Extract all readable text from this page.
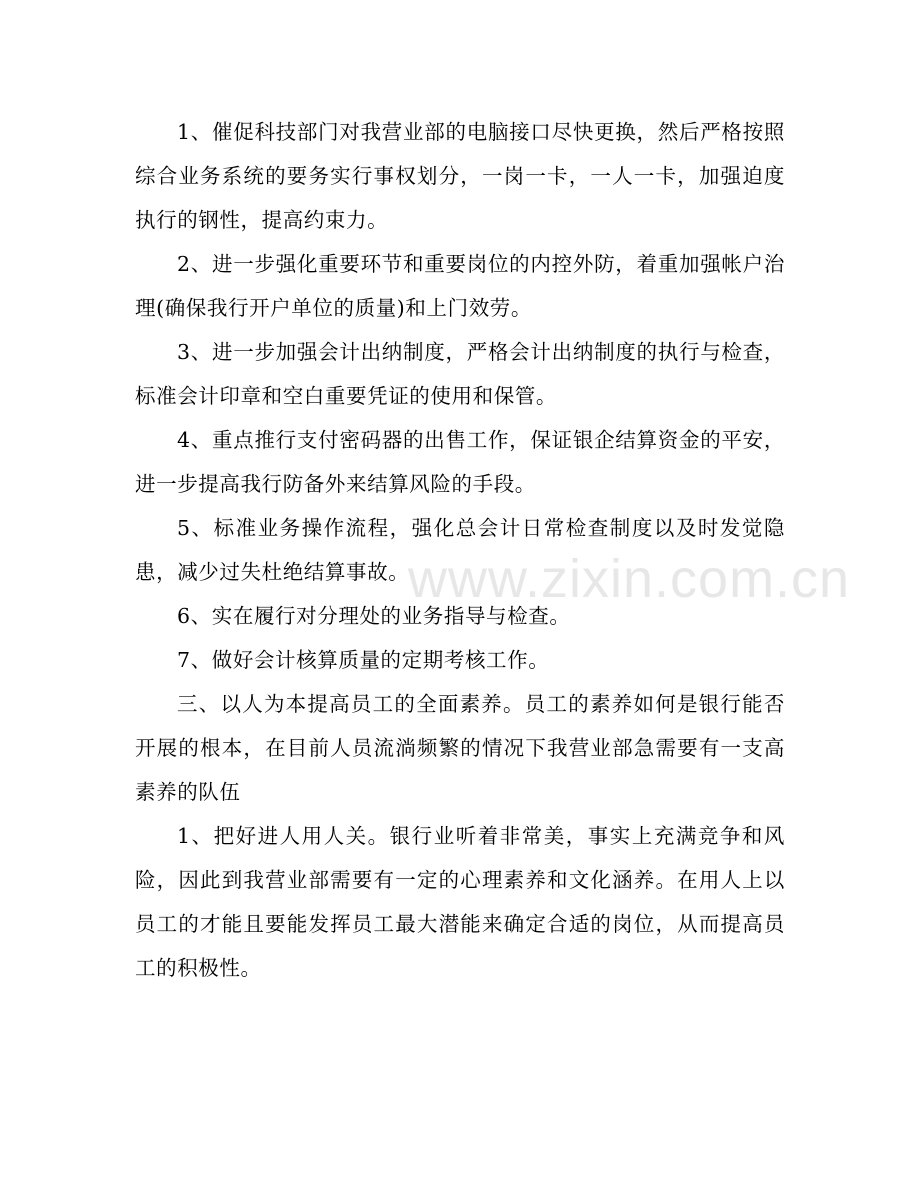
1、催促科技部门对我营业部的电脑接口尽快更换，然后严格按照综合业务系统的要务实行事权划分，一岗一卡，一人一卡，加强迫度执行的钢性，提高约束力。

2、进一步强化重要环节和重要岗位的内控外防，着重加强帐户治理(确保我行开户单位的质量)和上门效劳。

3、进一步加强会计出纳制度，严格会计出纳制度的执行与检查，标准会计印章和空白重要凭证的使用和保管。

4、重点推行支付密码器的出售工作，保证银企结算资金的平安，进一步提高我行防备外来结算风险的手段。

5、标准业务操作流程，强化总会计日常检查制度以及时发觉隐患，减少过失杜绝结算事故。

6、实在履行对分理处的业务指导与检查。

7、做好会计核算质量的定期考核工作。

三、以人为本提高员工的全面素养。员工的素养如何是银行能否开展的根本，在目前人员流淌频繁的情况下我营业部急需要有一支高素养的队伍

1、把好进人用人关。银行业听着非常美，事实上充满竞争和风险，因此到我营业部需要有一定的心理素养和文化涵养。在用人上以员工的才能且要能发挥员工最大潜能来确定合适的岗位，从而提高员工的积极性。

www.zixin.com.cn
